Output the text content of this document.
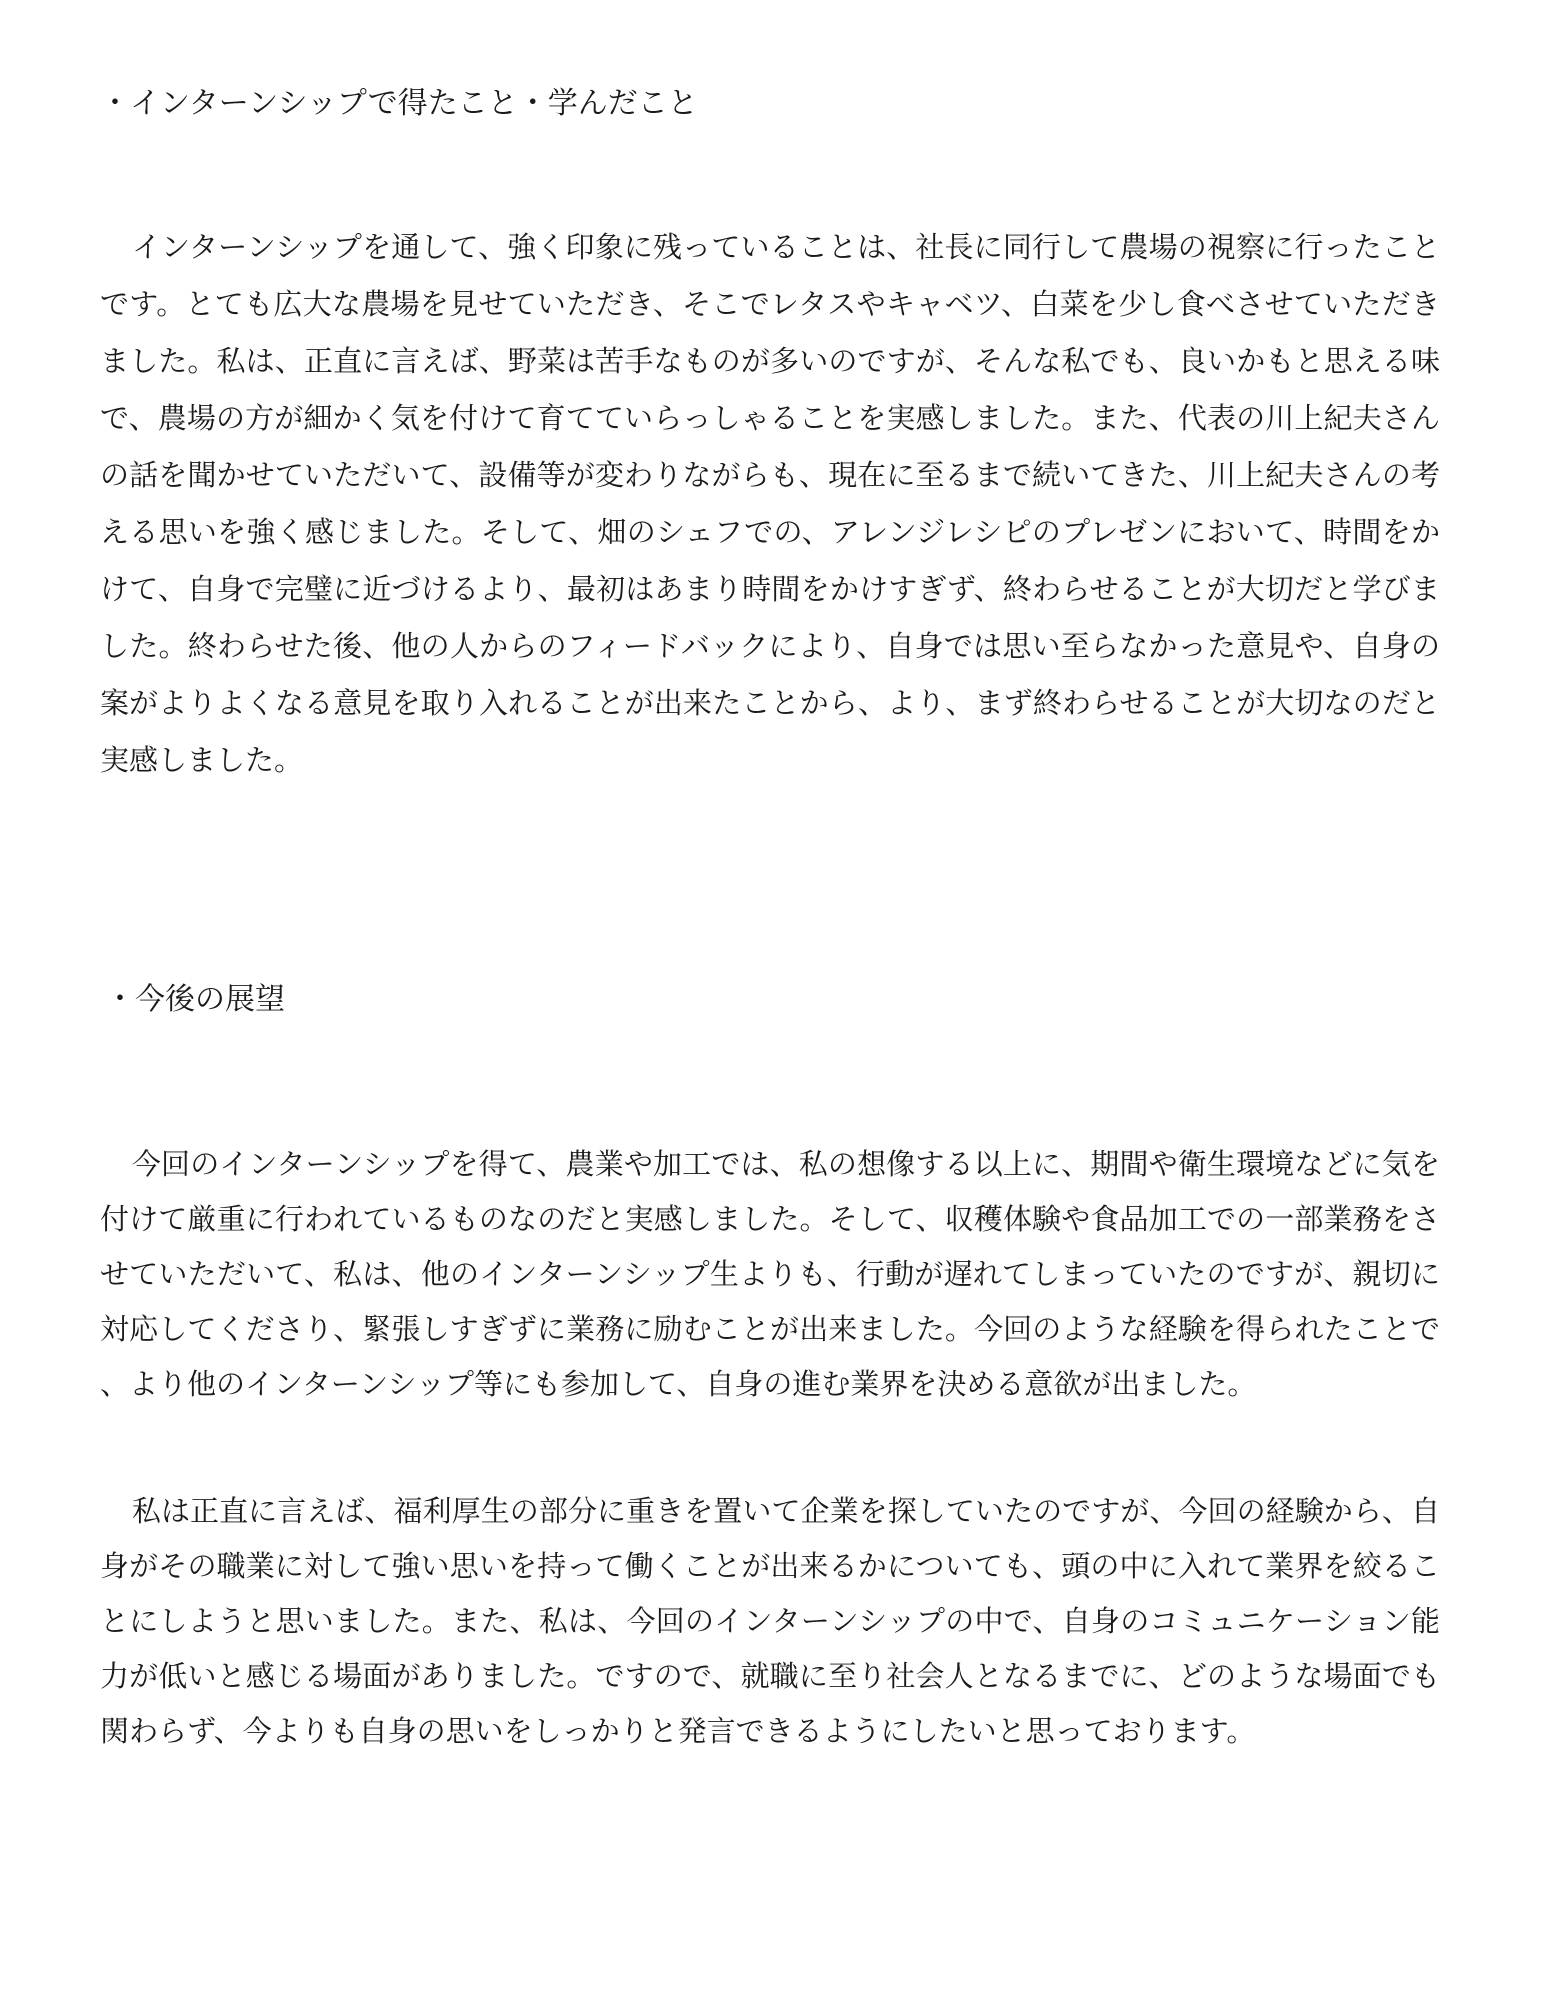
・インターンシップで得たこと・学んだこと

インターンシップを通して、強く印象に残っていることは、社長に同行して農場の視察に行ったことです。とても広大な農場を見せていただき、そこでレタスやキャベツ、白菜を少し食べさせていただきました。私は、正直に言えば、野菜は苦手なものが多いのですが、そんな私でも、良いかもと思える味で、農場の方が細かく気を付けて育てていらっしゃることを実感しました。また、代表の川上紀夫さんの話を聞かせていただいて、設備等が変わりながらも、現在に至るまで続いてきた、川上紀夫さんの考える思いを強く感じました。そして、畑のシェフでの、アレンジレシピのプレゼンにおいて、時間をかけて、自身で完璧に近づけるより、最初はあまり時間をかけすぎず、終わらせることが大切だと学びました。終わらせた後、他の人からのフィードバックにより、自身では思い至らなかった意見や、自身の案がよりよくなる意見を取り入れることが出来たことから、より、まず終わらせることが大切なのだと実感しました。

・今後の展望

今回のインターンシップを得て、農業や加工では、私の想像する以上に、期間や衛生環境などに気を付けて厳重に行われているものなのだと実感しました。そして、収穫体験や食品加工での一部業務をさせていただいて、私は、他のインターンシップ生よりも、行動が遅れてしまっていたのですが、親切に対応してくださり、緊張しすぎずに業務に励むことが出来ました。今回のような経験を得られたことで、より他のインターンシップ等にも参加して、自身の進む業界を決める意欲が出ました。

私は正直に言えば、福利厚生の部分に重きを置いて企業を探していたのですが、今回の経験から、自身がその職業に対して強い思いを持って働くことが出来るかについても、頭の中に入れて業界を絞ることにしようと思いました。また、私は、今回のインターンシップの中で、自身のコミュニケーション能力が低いと感じる場面がありました。ですので、就職に至り社会人となるまでに、どのような場面でも関わらず、今よりも自身の思いをしっかりと発言できるようにしたいと思っております。
